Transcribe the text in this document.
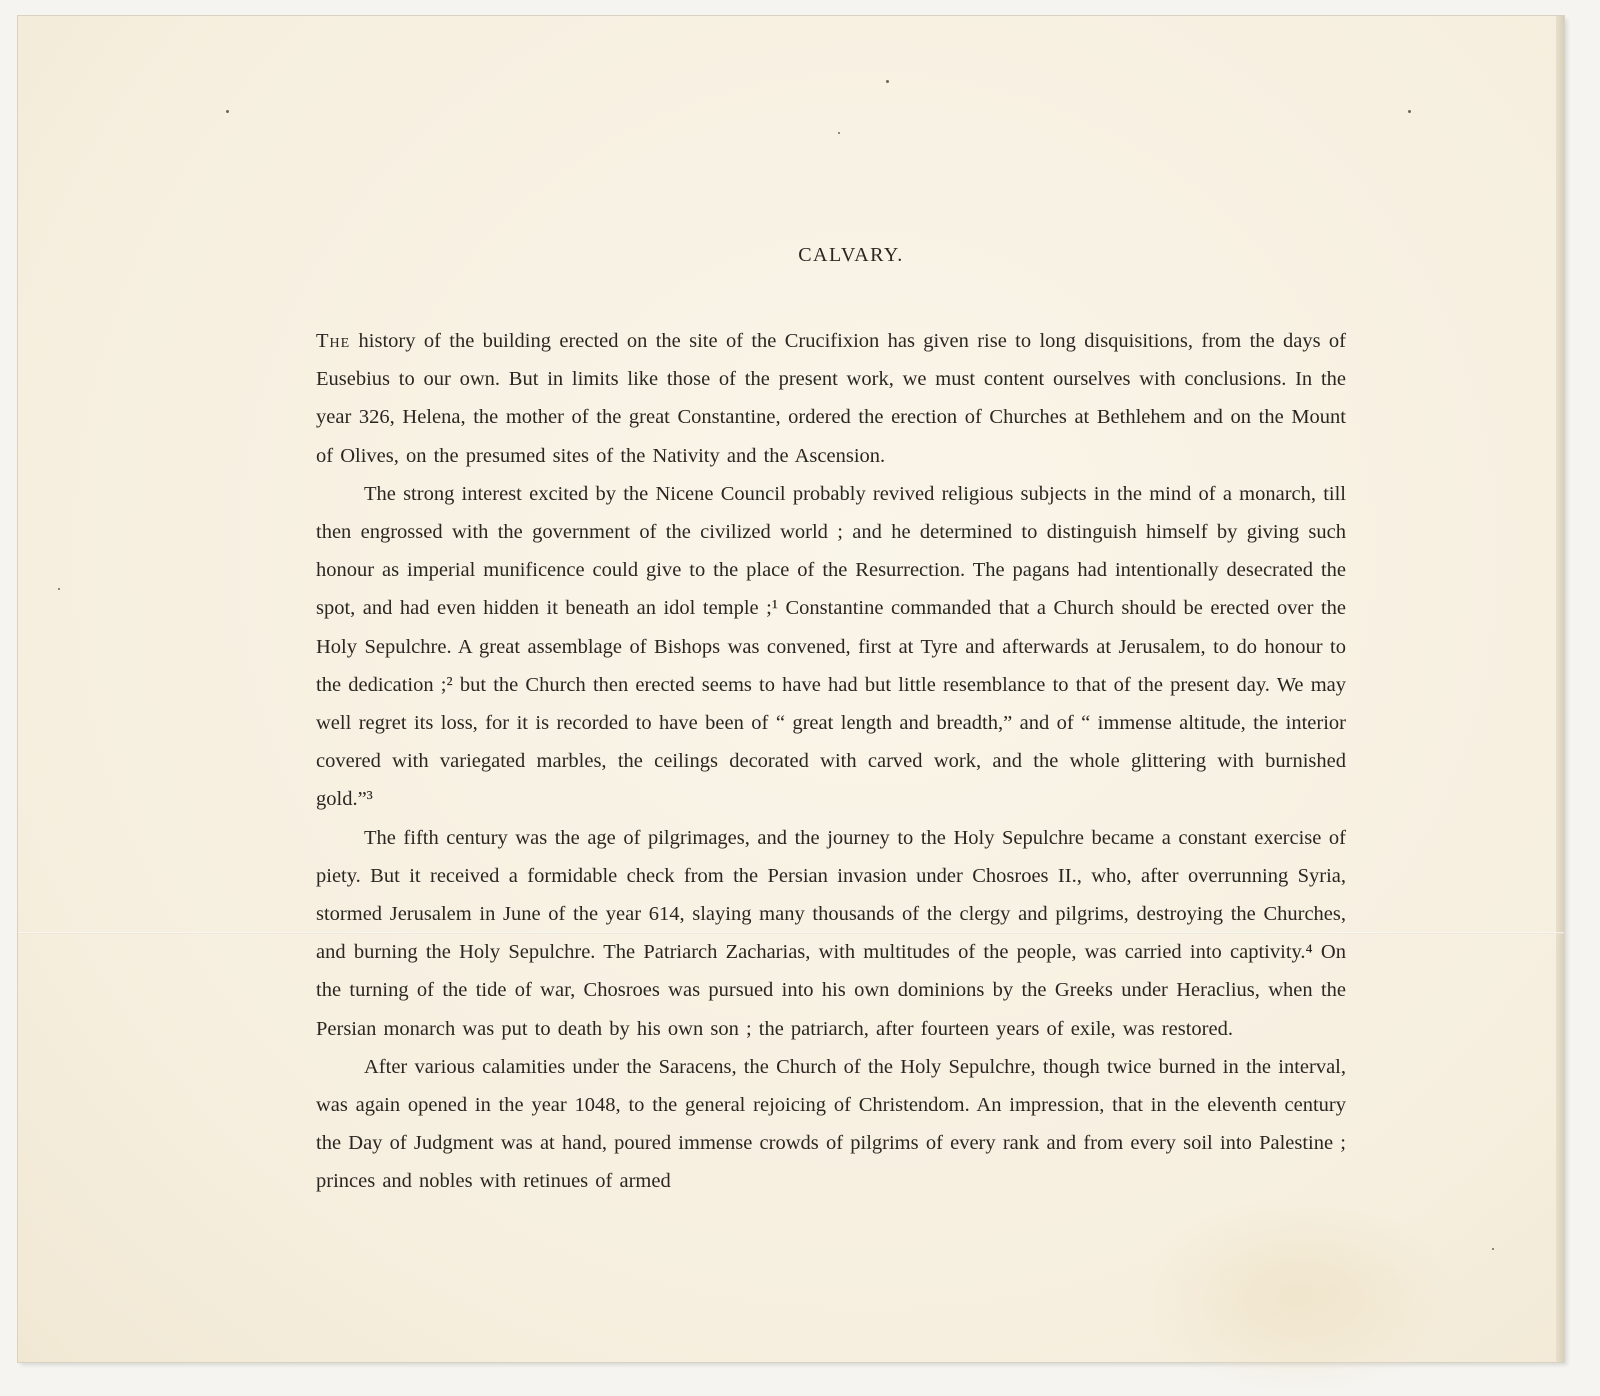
CALVARY.

The history of the building erected on the site of the Crucifixion has given rise to long disquisitions, from the days of Eusebius to our own. But in limits like those of the present work, we must content ourselves with conclusions. In the year 326, Helena, the mother of the great Constantine, ordered the erection of Churches at Bethlehem and on the Mount of Olives, on the presumed sites of the Nativity and the Ascension.

The strong interest excited by the Nicene Council probably revived religious subjects in the mind of a monarch, till then engrossed with the government of the civilized world ; and he determined to distinguish himself by giving such honour as imperial munificence could give to the place of the Resurrection. The pagans had intentionally desecrated the spot, and had even hidden it beneath an idol temple ;¹ Constantine commanded that a Church should be erected over the Holy Sepulchre. A great assemblage of Bishops was convened, first at Tyre and afterwards at Jerusalem, to do honour to the dedication ;² but the Church then erected seems to have had but little resemblance to that of the present day. We may well regret its loss, for it is recorded to have been of “ great length and breadth,” and of “ immense altitude, the interior covered with variegated marbles, the ceilings decorated with carved work, and the whole glittering with burnished gold.”³

The fifth century was the age of pilgrimages, and the journey to the Holy Sepulchre became a constant exercise of piety. But it received a formidable check from the Persian invasion under Chosroes II., who, after overrunning Syria, stormed Jerusalem in June of the year 614, slaying many thousands of the clergy and pilgrims, destroying the Churches, and burning the Holy Sepulchre. The Patriarch Zacharias, with multitudes of the people, was carried into captivity.⁴ On the turning of the tide of war, Chosroes was pursued into his own dominions by the Greeks under Heraclius, when the Persian monarch was put to death by his own son ; the patriarch, after fourteen years of exile, was restored.

After various calamities under the Saracens, the Church of the Holy Sepulchre, though twice burned in the interval, was again opened in the year 1048, to the general rejoicing of Christendom. An impression, that in the eleventh century the Day of Judgment was at hand, poured immense crowds of pilgrims of every rank and from every soil into Palestine ; princes and nobles with retinues of armed
